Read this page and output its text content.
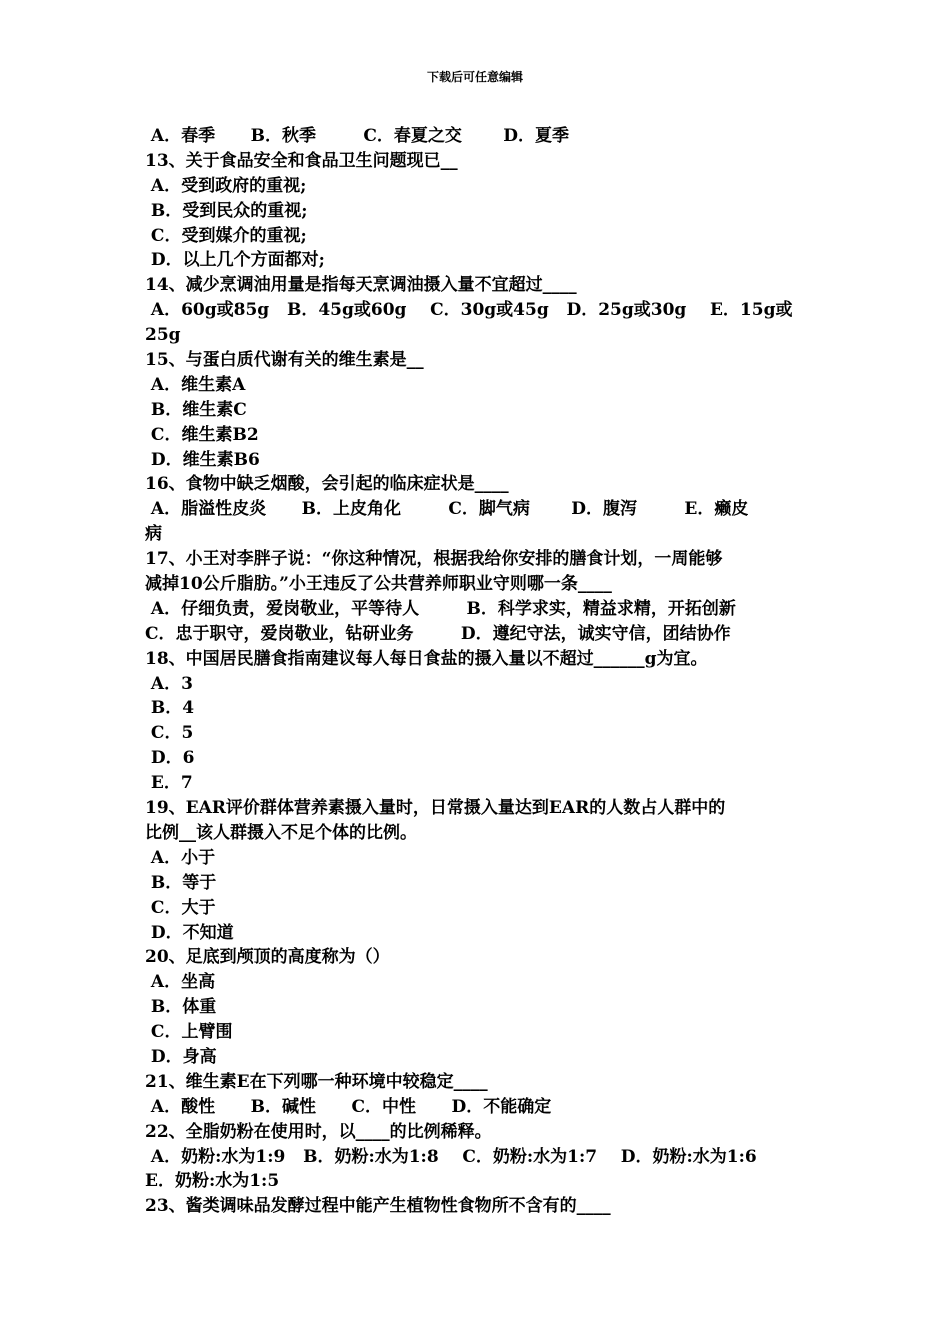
下载后可任意编辑
A．春季      B．秋季        C．春夏之交       D．夏季
13、关于食品安全和食品卫生问题现已__
A．受到政府的重视;
B．受到民众的重视;
C．受到媒介的重视;
D．以上几个方面都对;
14、减少烹调油用量是指每天烹调油摄入量不宜超过____
A．60g或85g   B．45g或60g    C．30g或45g   D．25g或30g    E．15g或
25g
15、与蛋白质代谢有关的维生素是__
A．维生素A
B．维生素C
C．维生素B2
D．维生素B6
16、食物中缺乏烟酸，会引起的临床症状是____
A．脂溢性皮炎      B．上皮角化        C．脚气病       D．腹泻        E．癞皮
病
17、小王对李胖子说：“你这种情况，根据我给你安排的膳食计划，一周能够
减掉10公斤脂肪。”小王违反了公共营养师职业守则哪一条____
A．仔细负责，爱岗敬业，平等待人        B．科学求实，精益求精，开拓创新
C．忠于职守，爱岗敬业，钻研业务        D．遵纪守法，诚实守信，团结协作
18、中国居民膳食指南建议每人每日食盐的摄入量以不超过______g为宜。
A．3
B．4
C．5
D．6
E．7
19、EAR评价群体营养素摄入量时，日常摄入量达到EAR的人数占人群中的
比例__该人群摄入不足个体的比例。
A．小于
B．等于
C．大于
D．不知道
20、足底到颅顶的高度称为（）
A．坐高
B．体重
C．上臂围
D．身高
21、维生素E在下列哪一种环境中较稳定____
A．酸性      B．碱性      C．中性      D．不能确定
22、全脂奶粉在使用时，以____的比例稀释。
A．奶粉:水为1:9   B．奶粉:水为1:8    C．奶粉:水为1:7    D．奶粉:水为1:6
E．奶粉:水为1:5
23、酱类调味品发酵过程中能产生植物性食物所不含有的____
